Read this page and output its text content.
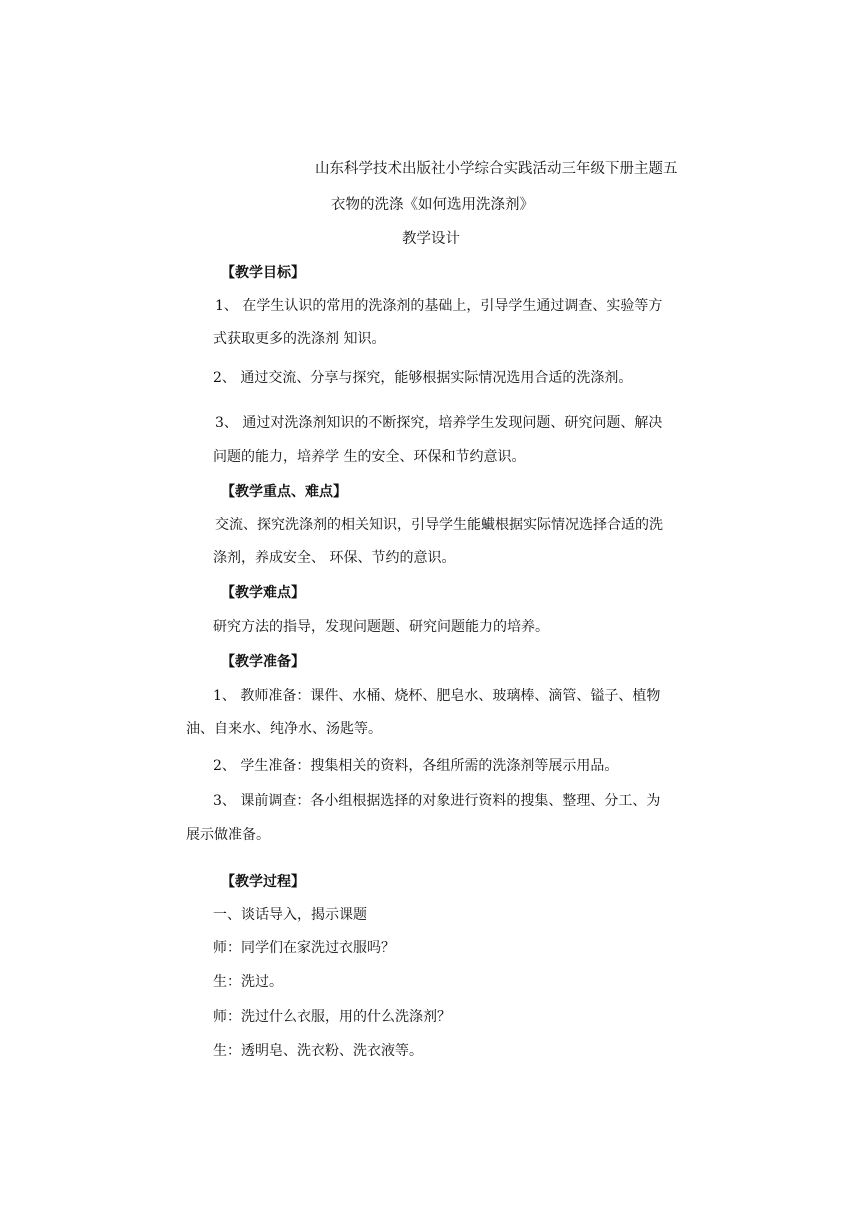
山东科学技术出版社小学综合实践活动三年级下册主题五
衣物的洗涤《如何选用洗涤剂》
教学设计
【教学目标】
1、 在学生认识的常用的洗涤剂的基础上，引导学生通过调查、实验等方
式获取更多的洗涤剂 知识。
2、 通过交流、分享与探究，能够根据实际情况选用合适的洗涤剂。
3、 通过对洗涤剂知识的不断探究，培养学生发现问题、研究问题、解决
问题的能力，培养学 生的安全、环保和节约意识。
【教学重点、难点】
交流、探究洗涤剂的相关知识，引导学生能蠘根据实际情况选择合适的洗
涤剂，养成安全、 环保、节约的意识。
【教学难点】
研究方法的指导，发现问题题、研究问题能力的培养。
【教学准备】
1、 教师准备：课件、水桶、烧杯、肥皂水、玻璃棒、滴管、镒子、植物
油、自来水、纯净水、汤匙等。
2、 学生准备：搜集相关的资料，各组所需的洗涤剂等展示用品。
3、 课前调查：各小组根据选择的对象进行资料的搜集、整理、分工、为
展示做准备。
【教学过程】
一、谈话导入，揭示课题
师：同学们在家洗过衣服吗？
生：洗过。
师：洗过什么衣服，用的什么洗涤剂？
生：透明皂、洗衣粉、洗衣液等。
